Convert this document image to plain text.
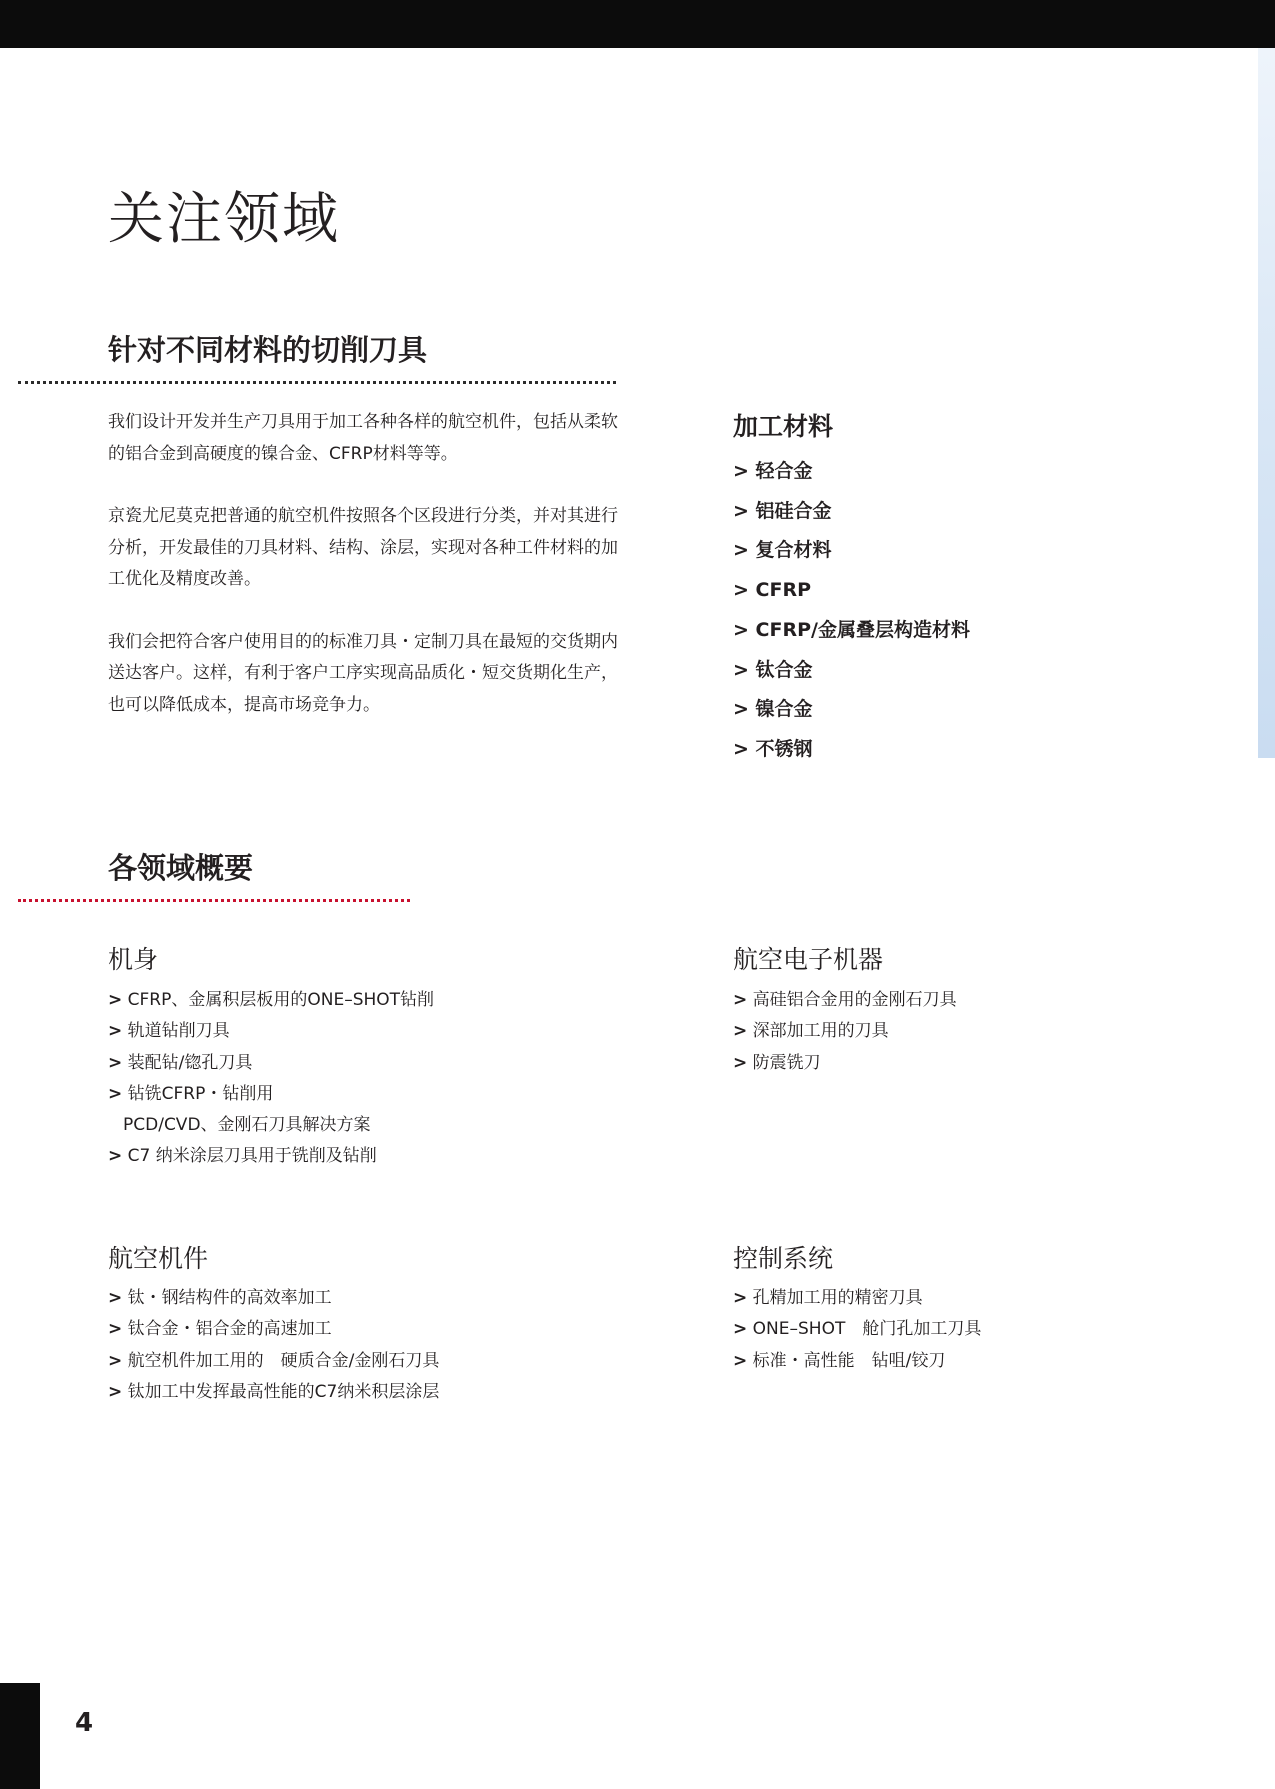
关注领域
针对不同材料的切削刀具

我们设计开发并生产刀具用于加工各种各样的航空机件，包括从柔软的铝合金到高硬度的镍合金、CFRP材料等等。

京瓷尤尼莫克把普通的航空机件按照各个区段进行分类，并对其进行分析，开发最佳的刀具材料、结构、涂层，实现对各种工件材料的加工优化及精度改善。

我们会把符合客户使用目的的标准刀具・定制刀具在最短的交货期内送达客户。这样，有利于客户工序实现高品质化・短交货期化生产，也可以降低成本，提高市场竞争力。

加工材料
> 轻合金
> 铝硅合金
> 复合材料
> CFRP
> CFRP/金属叠层构造材料
> 钛合金
> 镍合金
> 不锈钢
各领域概要
机身
> CFRP、金属积层板用的ONE–SHOT钻削
> 轨道钻削刀具
> 装配钻/锪孔刀具
> 钻铣CFRP・钻削用
PCD/CVD、金刚石刀具解决方案
> C7 纳米涂层刀具用于铣削及钻削
航空电子机器
> 高硅铝合金用的金刚石刀具
> 深部加工用的刀具
> 防震铣刀
航空机件
> 钛・钢结构件的高效率加工
> 钛合金・铝合金的高速加工
> 航空机件加工用的　硬质合金/金刚石刀具
> 钛加工中发挥最高性能的C7纳米积层涂层
控制系统
> 孔精加工用的精密刀具
> ONE–SHOT　舱门孔加工刀具
> 标准・高性能　钻咀/铰刀
4
